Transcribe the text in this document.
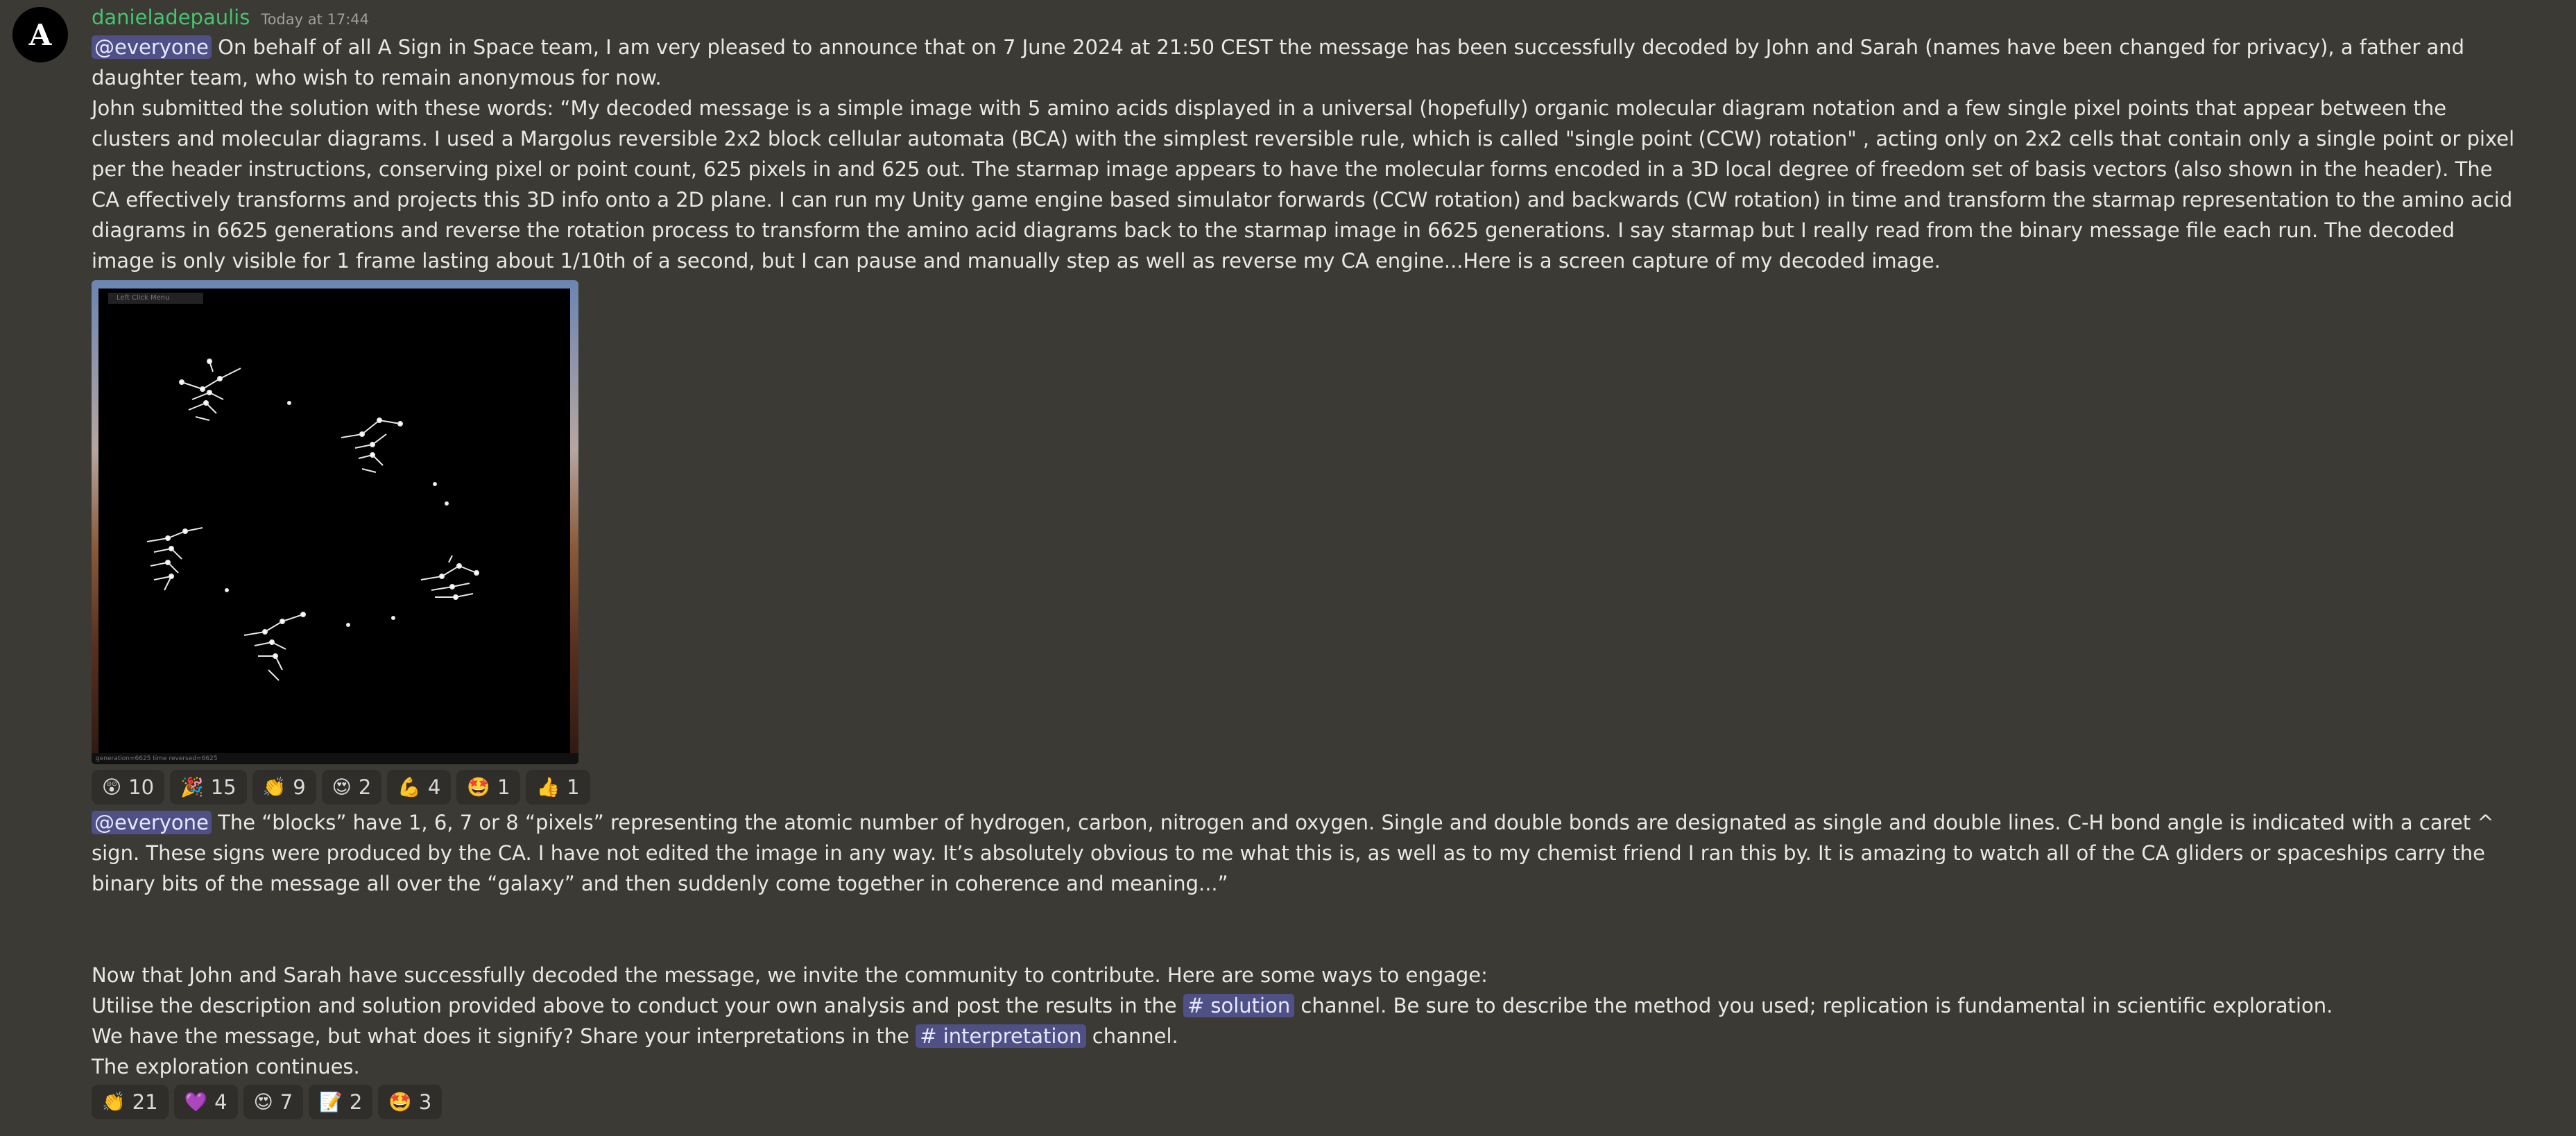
A
danieladepaulis Today at 17:44
@everyone On behalf of all A Sign in Space team, I am very pleased to announce that on 7 June 2024 at 21:50 CEST the message has been successfully decoded by John and Sarah (names have been changed for privacy), a father and daughter team, who wish to remain anonymous for now.
John submitted the solution with these words: “My decoded message is a simple image with 5 amino acids displayed in a universal (hopefully) organic molecular diagram notation and a few single pixel points that appear between the clusters and molecular diagrams. I used a Margolus reversible 2x2 block cellular automata (BCA) with the simplest reversible rule, which is called "single point (CCW) rotation" , acting only on 2x2 cells that contain only a single point or pixel per the header instructions, conserving pixel or point count, 625 pixels in and 625 out. The starmap image appears to have the molecular forms encoded in a 3D local degree of freedom set of basis vectors (also shown in the header). The CA effectively transforms and projects this 3D info onto a 2D plane. I can run my Unity game engine based simulator forwards (CCW rotation) and backwards (CW rotation) in time and transform the starmap representation to the amino acid diagrams in 6625 generations and reverse the rotation process to transform the amino acid diagrams back to the starmap image in 6625 generations. I say starmap but I really read from the binary message file each run. The decoded image is only visible for 1 frame lasting about 1/10th of a second, but I can pause and manually step as well as reverse my CA engine...Here is a screen capture of my decoded image.
Left Click Menu
generation=6625 time reversed=6625
😲 10 🎉 15 👏 9 😍 2 💪 4 🤩 1 👍 1
@everyone The “blocks” have 1, 6, 7 or 8 “pixels” representing the atomic number of hydrogen, carbon, nitrogen and oxygen. Single and double bonds are designated as single and double lines. C-H bond angle is indicated with a caret ^ sign. These signs were produced by the CA. I have not edited the image in any way. It’s absolutely obvious to me what this is, as well as to my chemist friend I ran this by. It is amazing to watch all of the CA gliders or spaceships carry the binary bits of the message all over the “galaxy” and then suddenly come together in coherence and meaning...”
Now that John and Sarah have successfully decoded the message, we invite the community to contribute. Here are some ways to engage:
Utilise the description and solution provided above to conduct your own analysis and post the results in the # solution channel. Be sure to describe the method you used; replication is fundamental in scientific exploration.
We have the message, but what does it signify? Share your interpretations in the # interpretation channel.
The exploration continues.
👏 21 💜 4 😍 7 📝 2 🤩 3
